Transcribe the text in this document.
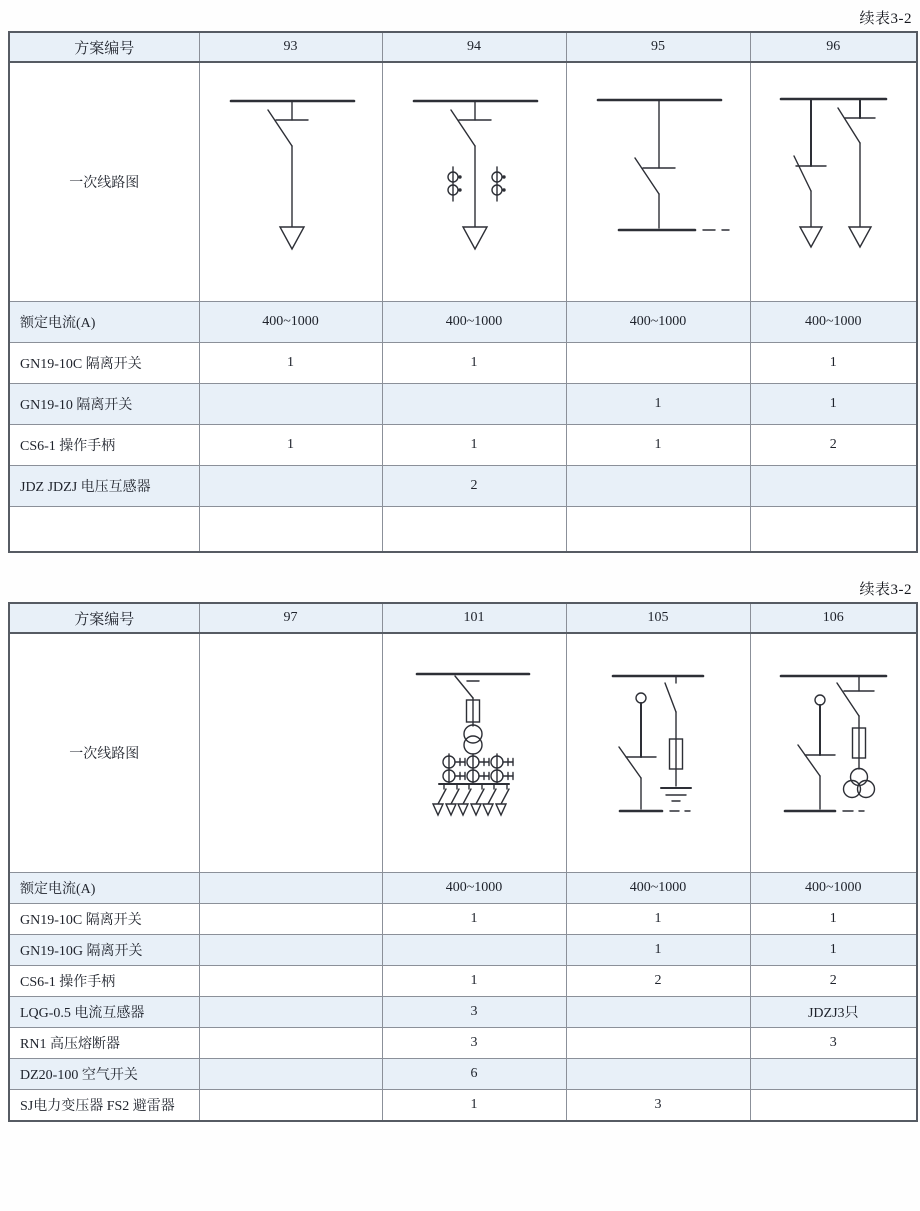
续表3-2
方案编号	93	94	95	96
一次线路图	

额定电流(A)	400~1000	400~1000	400~1000	400~1000
GN19-10C 隔离开关	1	1		1
GN19-10 隔离开关			1	1
CS6-1 操作手柄	1	1	1	2
JDZ JDZJ 电压互感器		2		

续表3-2
方案编号	97	101	105	106
一次线路图		

额定电流(A)		400~1000	400~1000	400~1000
GN19-10C 隔离开关		1	1	1
GN19-10G 隔离开关			1	1
CS6-1 操作手柄		1	2	2
LQG-0.5 电流互感器		3		JDZJ3只
RN1 高压熔断器		3		3
DZ20-100 空气开关		6		
SJ电力变压器 FS2 避雷器		1	3	
